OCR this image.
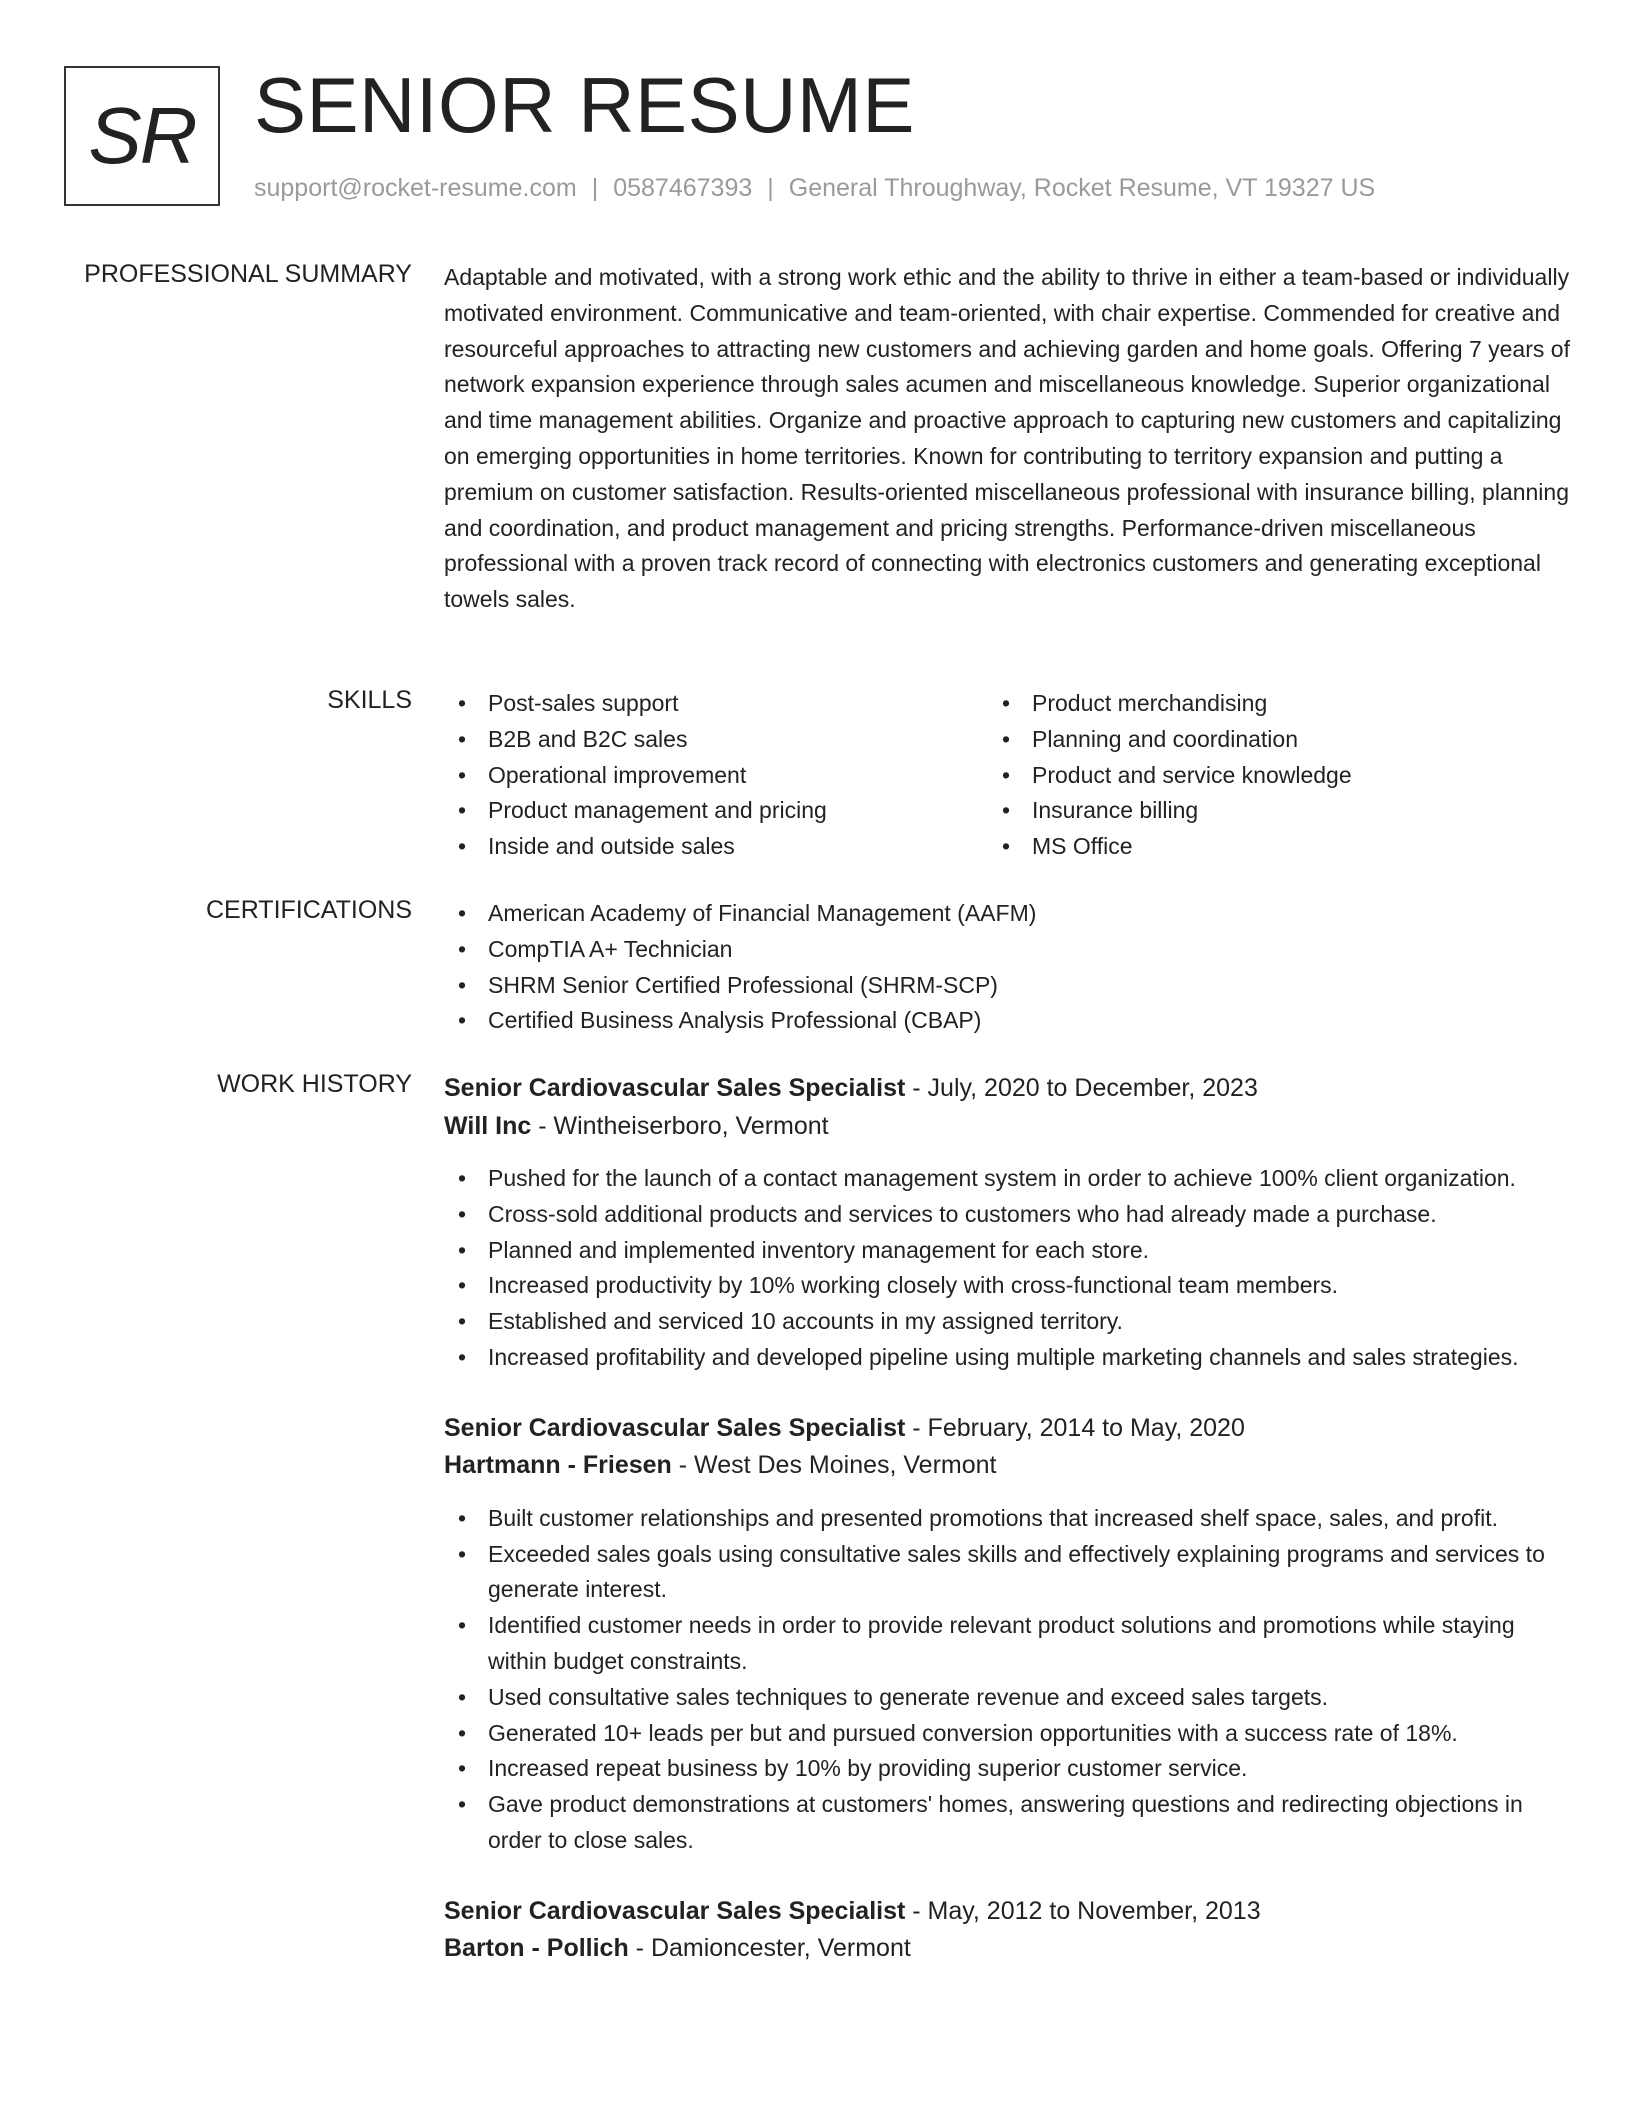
SR SENIOR RESUME
support@rocket-resume.com | 0587467393 | General Throughway, Rocket Resume, VT 19327 US
PROFESSIONAL SUMMARY Adaptable and motivated, with a strong work ethic and the ability to thrive in either a team-based or individually motivated environment. Communicative and team-oriented, with chair expertise. Commended for creative and resourceful approaches to attracting new customers and achieving garden and home goals. Offering 7 years of network expansion experience through sales acumen and miscellaneous knowledge. Superior organizational and time management abilities. Organize and proactive approach to capturing new customers and capitalizing on emerging opportunities in home territories. Known for contributing to territory expansion and putting a premium on customer satisfaction. Results-oriented miscellaneous professional with insurance billing, planning and coordination, and product management and pricing strengths. Performance-driven miscellaneous professional with a proven track record of connecting with electronics customers and generating exceptional towels sales.

SKILLS	• Post-sales support
• B2B and B2C sales
• Operational improvement
• Product management and pricing
• Inside and outside sales
• Product merchandising
• Planning and coordination
• Product and service knowledge
• Insurance billing
• MS Office
CERTIFICATIONS	• American Academy of Financial Management (AAFM)
• CompTIA A+ Technician
• SHRM Senior Certified Professional (SHRM-SCP)
• Certified Business Analysis Professional (CBAP)
WORK HISTORY Senior Cardiovascular Sales Specialist - July, 2020 to December, 2023
Will Inc - Wintheiserboro, Vermont
• Pushed for the launch of a contact management system in order to achieve 100% client organization.
• Cross-sold additional products and services to customers who had already made a purchase.
• Planned and implemented inventory management for each store.
• Increased productivity by 10% working closely with cross-functional team members.
• Established and serviced 10 accounts in my assigned territory.
• Increased profitability and developed pipeline using multiple marketing channels and sales strategies.
Senior Cardiovascular Sales Specialist - February, 2014 to May, 2020
Hartmann - Friesen - West Des Moines, Vermont
• Built customer relationships and presented promotions that increased shelf space, sales, and profit.
• Exceeded sales goals using consultative sales skills and effectively explaining programs and services to generate interest.
• Identified customer needs in order to provide relevant product solutions and promotions while staying within budget constraints.
• Used consultative sales techniques to generate revenue and exceed sales targets.
• Generated 10+ leads per but and pursued conversion opportunities with a success rate of 18%.
• Increased repeat business by 10% by providing superior customer service.
• Gave product demonstrations at customers' homes, answering questions and redirecting objections in order to close sales.
Senior Cardiovascular Sales Specialist - May, 2012 to November, 2013
Barton - Pollich - Damioncester, Vermont
